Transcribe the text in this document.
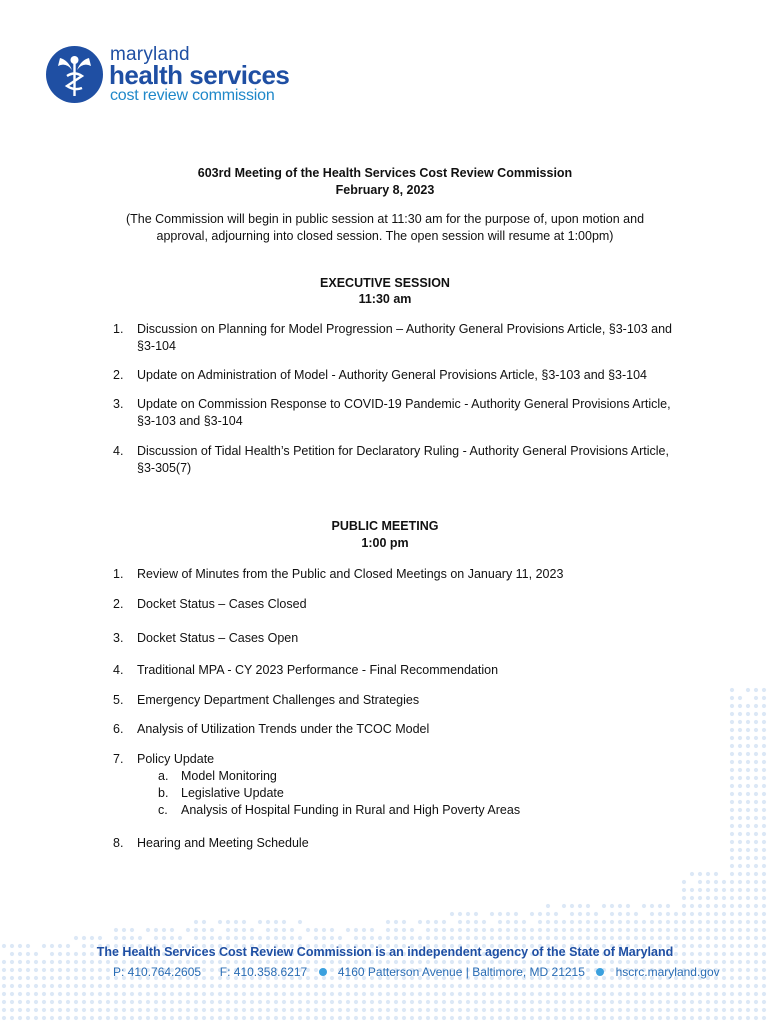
maryland
health services
cost review commission
603rd Meeting of the Health Services Cost Review Commission
February 8, 2023
(The Commission will begin in public session at 11:30 am for the purpose of, upon motion and
approval, adjourning into closed session. The open session will resume at 1:00pm)
EXECUTIVE SESSION
11:30 am
1. Discussion on Planning for Model Progression – Authority General Provisions Article, §3-103 and
§3-104
2. Update on Administration of Model - Authority General Provisions Article, §3-103 and §3-104
3. Update on Commission Response to COVID-19 Pandemic - Authority General Provisions Article,
§3-103 and §3-104
4. Discussion of Tidal Health’s Petition for Declaratory Ruling - Authority General Provisions Article,
§3-305(7)
PUBLIC MEETING
1:00 pm
1. Review of Minutes from the Public and Closed Meetings on January 11, 2023
2. Docket Status – Cases Closed
3. Docket Status – Cases Open
4. Traditional MPA - CY 2023 Performance - Final Recommendation
5. Emergency Department Challenges and Strategies
6. Analysis of Utilization Trends under the TCOC Model
7. Policy Update
a. Model Monitoring
b. Legislative Update
c. Analysis of Hospital Funding in Rural and High Poverty Areas
8. Hearing and Meeting Schedule
The Health Services Cost Review Commission is an independent agency of the State of Maryland
P: 410.764.2605 F: 410.358.6217	4160 Patterson Avenue | Baltimore, MD 21215	hscrc.maryland.gov
